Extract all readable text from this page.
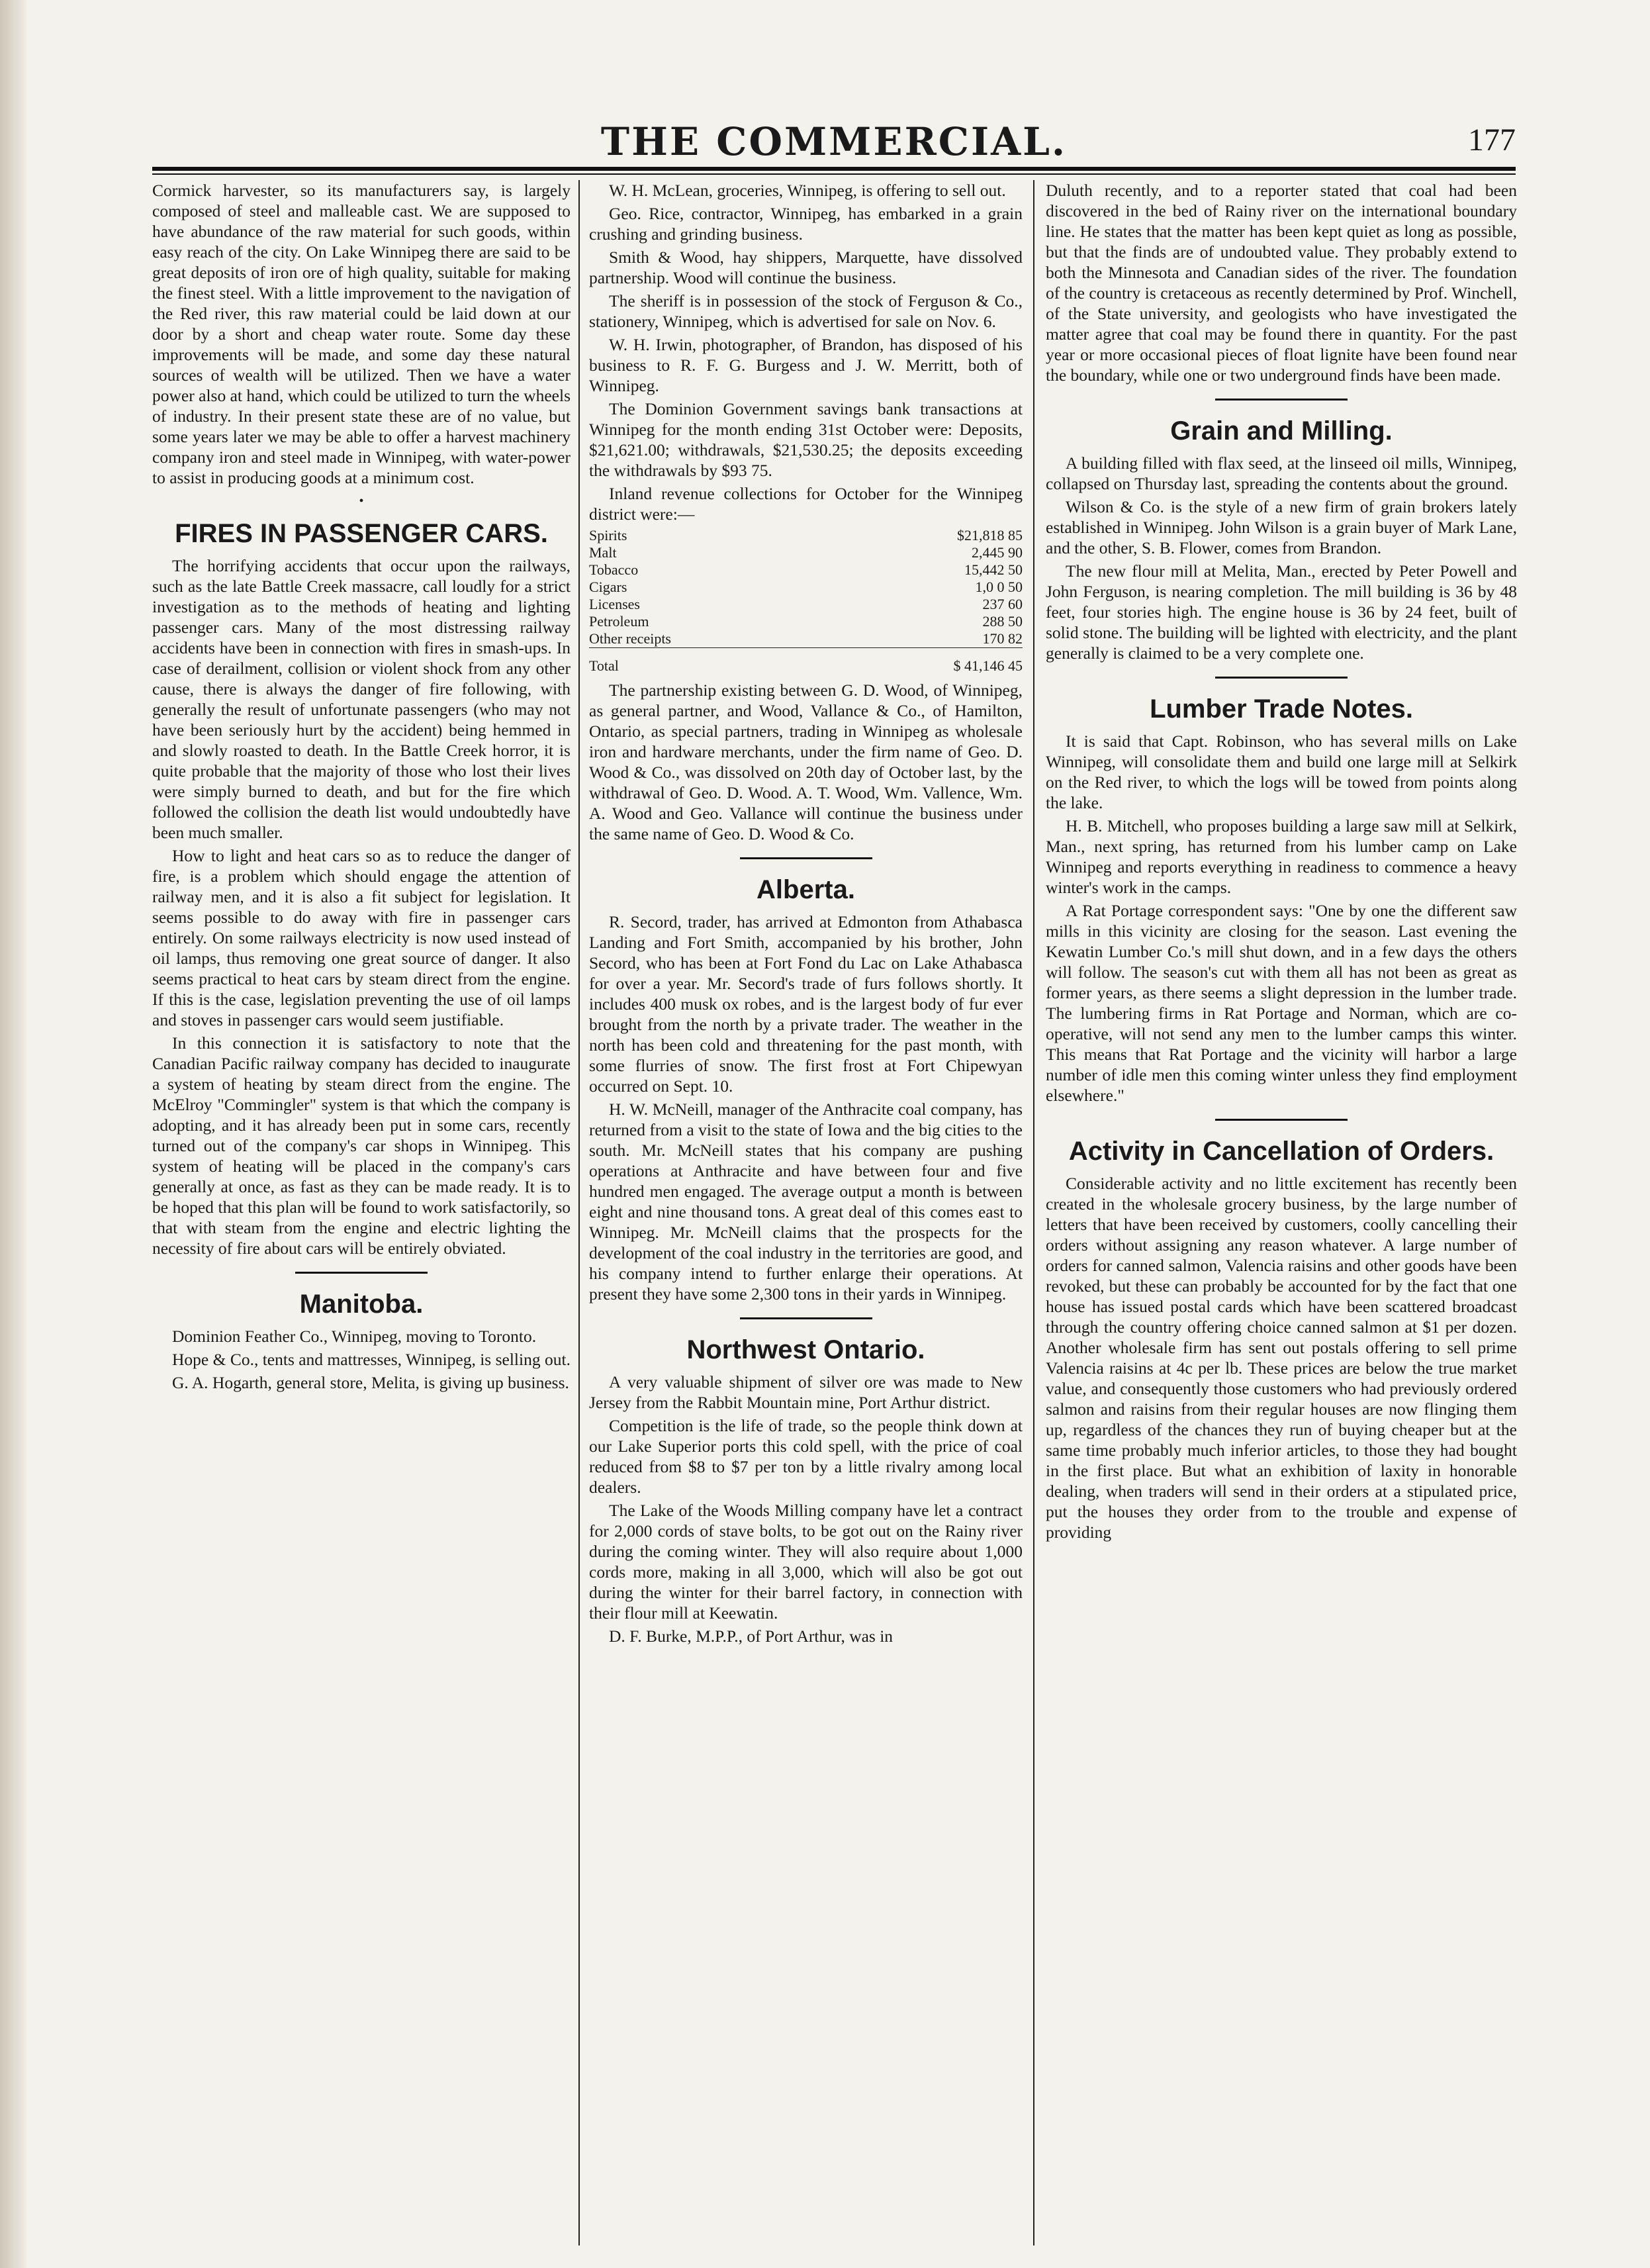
THE COMMERCIAL.	177

Cormick harvester, so its manufacturers say, is largely composed of steel and malleable cast. We are supposed to have abundance of the raw material for such goods, within easy reach of the city. On Lake Winnipeg there are said to be great deposits of iron ore of high quality, suitable for making the finest steel. With a little improvement to the navigation of the Red river, this raw material could be laid down at our door by a short and cheap water route. Some day these improvements will be made, and some day these natural sources of wealth will be utilized. Then we have a water power also at hand, which could be utilized to turn the wheels of industry. In their present state these are of no value, but some years later we may be able to offer a harvest machinery company iron and steel made in Winnipeg, with water-power to assist in producing goods at a minimum cost.

•
FIRES IN PASSENGER CARS.

The horrifying accidents that occur upon the railways, such as the late Battle Creek massacre, call loudly for a strict investigation as to the methods of heating and lighting passenger cars. Many of the most distressing railway accidents have been in connection with fires in smash-ups. In case of derailment, collision or violent shock from any other cause, there is always the danger of fire following, with generally the result of unfortunate passengers (who may not have been seriously hurt by the accident) being hemmed in and slowly roasted to death. In the Battle Creek horror, it is quite probable that the majority of those who lost their lives were simply burned to death, and but for the fire which followed the collision the death list would undoubtedly have been much smaller.

How to light and heat cars so as to reduce the danger of fire, is a problem which should engage the attention of railway men, and it is also a fit subject for legislation. It seems possible to do away with fire in passenger cars entirely. On some railways electricity is now used instead of oil lamps, thus removing one great source of danger. It also seems practical to heat cars by steam direct from the engine. If this is the case, legislation preventing the use of oil lamps and stoves in passenger cars would seem justifiable.

In this connection it is satisfactory to note that the Canadian Pacific railway company has decided to inaugurate a system of heating by steam direct from the engine. The McElroy "Commingler" system is that which the company is adopting, and it has already been put in some cars, recently turned out of the company's car shops in Winnipeg. This system of heating will be placed in the company's cars generally at once, as fast as they can be made ready. It is to be hoped that this plan will be found to work satisfactorily, so that with steam from the engine and electric lighting the necessity of fire about cars will be entirely obviated.

Manitoba.

Dominion Feather Co., Winnipeg, moving to Toronto.

Hope & Co., tents and mattresses, Winnipeg, is selling out.

G. A. Hogarth, general store, Melita, is giving up business.

W. H. McLean, groceries, Winnipeg, is offering to sell out.

Geo. Rice, contractor, Winnipeg, has embarked in a grain crushing and grinding business.

Smith & Wood, hay shippers, Marquette, have dissolved partnership. Wood will continue the business.

The sheriff is in possession of the stock of Ferguson & Co., stationery, Winnipeg, which is advertised for sale on Nov. 6.

W. H. Irwin, photographer, of Brandon, has disposed of his business to R. F. G. Burgess and J. W. Merritt, both of Winnipeg.

The Dominion Government savings bank transactions at Winnipeg for the month ending 31st October were: Deposits, $21,621.00; withdrawals, $21,530.25; the deposits exceeding the withdrawals by $93 75.

Inland revenue collections for October for the Winnipeg district were:—

Spirits	$21,818 85
Malt	2,445 90
Tobacco	15,442 50
Cigars	1,0 0 50
Licenses	237 60
Petroleum	288 50
Other receipts	170 82
Total	$ 41,146 45

The partnership existing between G. D. Wood, of Winnipeg, as general partner, and Wood, Vallance & Co., of Hamilton, Ontario, as special partners, trading in Winnipeg as wholesale iron and hardware merchants, under the firm name of Geo. D. Wood & Co., was dissolved on 20th day of October last, by the withdrawal of Geo. D. Wood. A. T. Wood, Wm. Vallence, Wm. A. Wood and Geo. Vallance will continue the business under the same name of Geo. D. Wood & Co.

Alberta.

R. Secord, trader, has arrived at Edmonton from Athabasca Landing and Fort Smith, accompanied by his brother, John Secord, who has been at Fort Fond du Lac on Lake Athabasca for over a year. Mr. Secord's trade of furs follows shortly. It includes 400 musk ox robes, and is the largest body of fur ever brought from the north by a private trader. The weather in the north has been cold and threatening for the past month, with some flurries of snow. The first frost at Fort Chipewyan occurred on Sept. 10.

H. W. McNeill, manager of the Anthracite coal company, has returned from a visit to the state of Iowa and the big cities to the south. Mr. McNeill states that his company are pushing operations at Anthracite and have between four and five hundred men engaged. The average output a month is between eight and nine thousand tons. A great deal of this comes east to Winnipeg. Mr. McNeill claims that the prospects for the development of the coal industry in the territories are good, and his company intend to further enlarge their operations. At present they have some 2,300 tons in their yards in Winnipeg.

Northwest Ontario.

A very valuable shipment of silver ore was made to New Jersey from the Rabbit Mountain mine, Port Arthur district.

Competition is the life of trade, so the people think down at our Lake Superior ports this cold spell, with the price of coal reduced from $8 to $7 per ton by a little rivalry among local dealers.

The Lake of the Woods Milling company have let a contract for 2,000 cords of stave bolts, to be got out on the Rainy river during the coming winter. They will also require about 1,000 cords more, making in all 3,000, which will also be got out during the winter for their barrel factory, in connection with their flour mill at Keewatin.

D. F. Burke, M.P.P., of Port Arthur, was in

Duluth recently, and to a reporter stated that coal had been discovered in the bed of Rainy river on the international boundary line. He states that the matter has been kept quiet as long as possible, but that the finds are of undoubted value. They probably extend to both the Minnesota and Canadian sides of the river. The foundation of the country is cretaceous as recently determined by Prof. Winchell, of the State university, and geologists who have investigated the matter agree that coal may be found there in quantity. For the past year or more occasional pieces of float lignite have been found near the boundary, while one or two underground finds have been made.

Grain and Milling.

A building filled with flax seed, at the linseed oil mills, Winnipeg, collapsed on Thursday last, spreading the contents about the ground.

Wilson & Co. is the style of a new firm of grain brokers lately established in Winnipeg. John Wilson is a grain buyer of Mark Lane, and the other, S. B. Flower, comes from Brandon.

The new flour mill at Melita, Man., erected by Peter Powell and John Ferguson, is nearing completion. The mill building is 36 by 48 feet, four stories high. The engine house is 36 by 24 feet, built of solid stone. The building will be lighted with electricity, and the plant generally is claimed to be a very complete one.

Lumber Trade Notes.

It is said that Capt. Robinson, who has several mills on Lake Winnipeg, will consolidate them and build one large mill at Selkirk on the Red river, to which the logs will be towed from points along the lake.

H. B. Mitchell, who proposes building a large saw mill at Selkirk, Man., next spring, has returned from his lumber camp on Lake Winnipeg and reports everything in readiness to commence a heavy winter's work in the camps.

A Rat Portage correspondent says: "One by one the different saw mills in this vicinity are closing for the season. Last evening the Kewatin Lumber Co.'s mill shut down, and in a few days the others will follow. The season's cut with them all has not been as great as former years, as there seems a slight depression in the lumber trade. The lumbering firms in Rat Portage and Norman, which are co-operative, will not send any men to the lumber camps this winter. This means that Rat Portage and the vicinity will harbor a large number of idle men this coming winter unless they find employment elsewhere."

Activity in Cancellation of Orders.

Considerable activity and no little excitement has recently been created in the wholesale grocery business, by the large number of letters that have been received by customers, coolly cancelling their orders without assigning any reason whatever. A large number of orders for canned salmon, Valencia raisins and other goods have been revoked, but these can probably be accounted for by the fact that one house has issued postal cards which have been scattered broadcast through the country offering choice canned salmon at $1 per dozen. Another wholesale firm has sent out postals offering to sell prime Valencia raisins at 4c per lb. These prices are below the true market value, and consequently those customers who had previously ordered salmon and raisins from their regular houses are now flinging them up, regardless of the chances they run of buying cheaper but at the same time probably much inferior articles, to those they had bought in the first place. But what an exhibition of laxity in honorable dealing, when traders will send in their orders at a stipulated price, put the houses they order from to the trouble and expense of providing
